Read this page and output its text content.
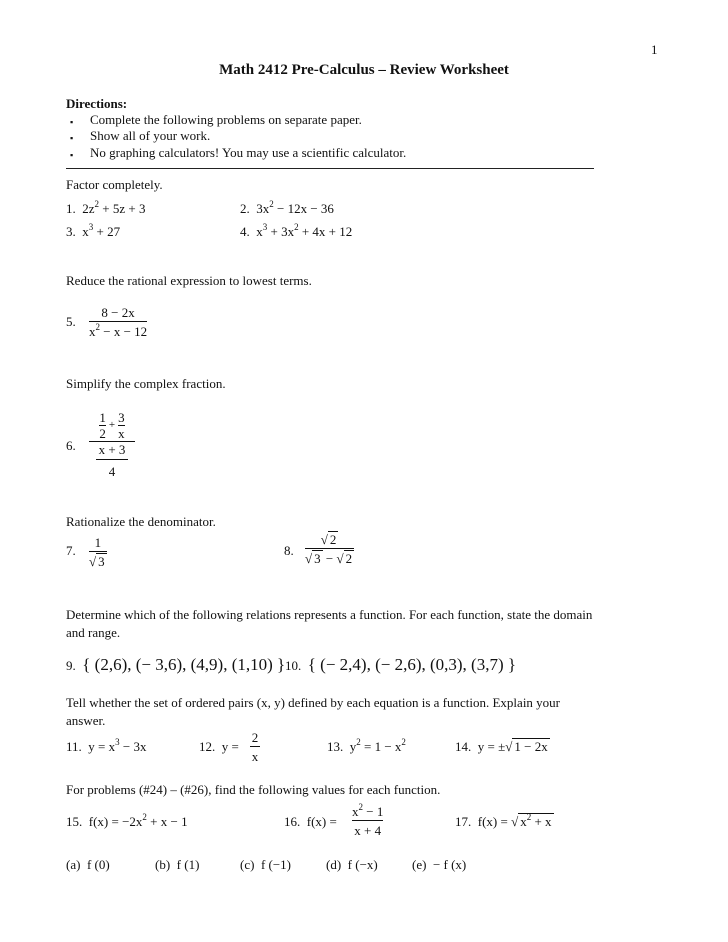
1
Math 2412 Pre-Calculus – Review Worksheet
Directions:
▪ Complete the following problems on separate paper.
▪ Show all of your work.
▪ No graphing calculators! You may use a scientific calculator.
Factor completely.
1. $2z^2 + 5z + 3$	2. $3x^2 - 12x - 36$
3. $x^3 + 27$	4. $x^3 + 3x^2 + 4x + 12$
Reduce the rational expression to lowest terms.
5.
8 − 2x
$x^2 - x - 12$
Simplify the complex fraction.
6.
$\frac{1}{2} + \frac{3}{x}$
$\frac{x + 3}{4}$
Rationalize the denominator.
7.
1
√ 3
8.
√ 2
√ 3 − √ 2
Determine which of the following relations represents a function. For each function, state the domain
and range.
9. { (2,6), (− 3,6), (4,9), (1,10) } 10. { (− 2,4), (− 2,6), (0,3), (3,7) }
Tell whether the set of ordered pairs (x, y) defined by each equation is a function. Explain your
answer.
11. $y = x^3 - 3x$	12. y =
2
x
13. $y^2 = 1 - x^2$	14. y = ±√ 1 − 2x
For problems (#24) – (#26), find the following values for each function.
15. $f(x) = -2x^2 + x - 1$	16. f(x) =
$x^2 - 1$
x + 4
17. f(x) = √ $x^2 + x$
(a) f (0)	(b) f (1)	(c) f (−1)	(d) f (−x)	(e) − f (x)
